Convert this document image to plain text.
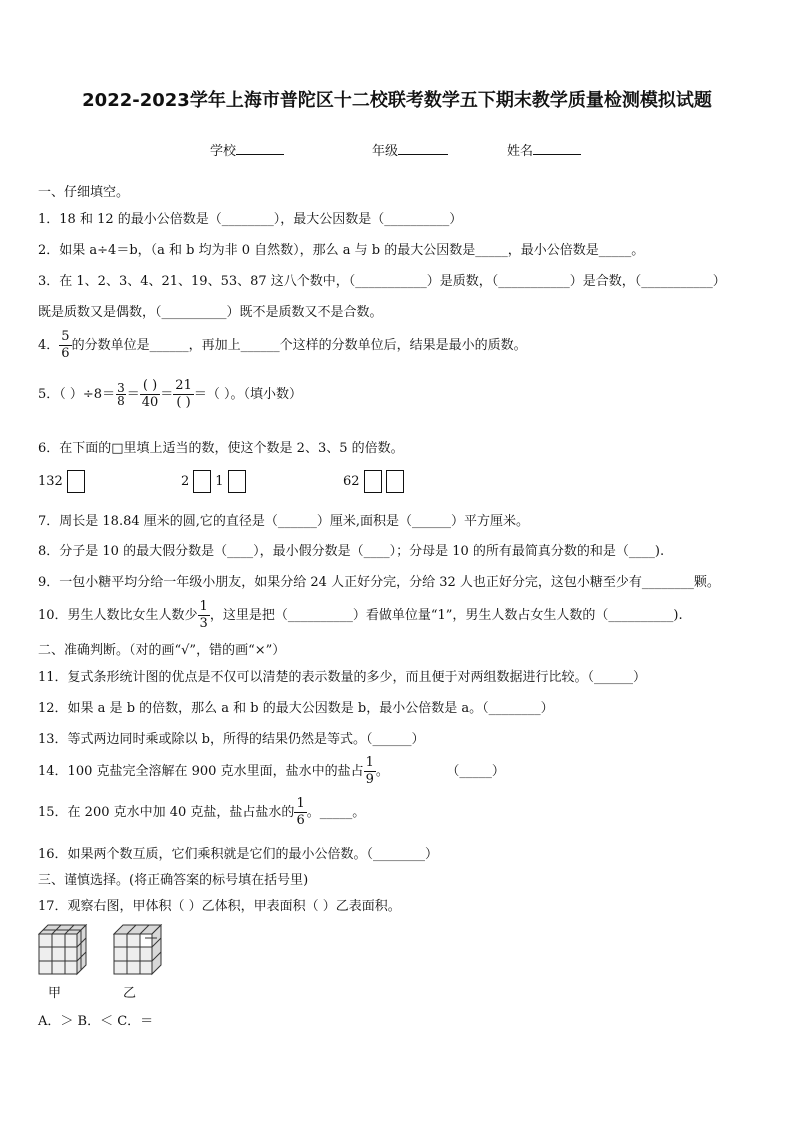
2022-2023学年上海市普陀区十二校联考数学五下期末教学质量检测模拟试题
学校	年级	姓名
一、仔细填空。
1．18 和 12 的最小公倍数是（________），最大公因数是（__________）
2．如果 a÷4＝b，（a 和 b 均为非 0 自然数），那么 a 与 b 的最大公因数是_____，最小公倍数是_____。
3．在 1、2、3、4、21、19、53、87 这八个数中，（___________）是质数，（___________）是合数，（___________）
既是质数又是偶数，（__________）既不是质数又不是合数。
4． $\frac{5}{6}$ 的分数单位是______，再加上______个这样的分数单位后，结果是最小的质数。
5．（ ）$\div 8= \frac{3}{8}$ ＝
( )
40
＝
21
( )
＝（ ）。（填小数）
6．在下面的□里填上适当的数，使这个数是 2、3、5 的倍数。
132	2 1	62
7．周长是 18.84 厘米的圆,它的直径是（______）厘米,面积是（______）平方厘米。
8．分子是 10 的最大假分数是（____），最小假分数是（____）；分母是 10 的所有最简真分数的和是（____).
9．一包小糖平均分给一年级小朋友，如果分给 24 人正好分完，分给 32 人也正好分完，这包小糖至少有________颗。
10．男生人数比女生人数少 $\frac{1}{3}$ ，这里是把（__________）看做单位量“1”，男生人数占女生人数的（__________).
二、准确判断。（对的画“√”，错的画“×”）
11．复式条形统计图的优点是不仅可以清楚的表示数量的多少，而且便于对两组数据进行比较。（______）
12．如果 a 是 b 的倍数，那么 a 和 b 的最大公因数是 b，最小公倍数是 a。（________）
13．等式两边同时乘或除以 b，所得的结果仍然是等式。（______）
14．100 克盐完全溶解在 900 克水里面，盐水中的盐占 $\frac{1}{9}$ 。	（_____）
15．在 200 克水中加 40 克盐，盐占盐水的 $\frac{1}{6}$ 。_____。
16．如果两个数互质，它们乘积就是它们的最小公倍数。（________）
三、谨慎选择。(将正确答案的标号填在括号里)
17．观察右图，甲体积（ ）乙体积，甲表面积（ ）乙表面积。
甲	乙
A．＞ B．＜ C．＝
